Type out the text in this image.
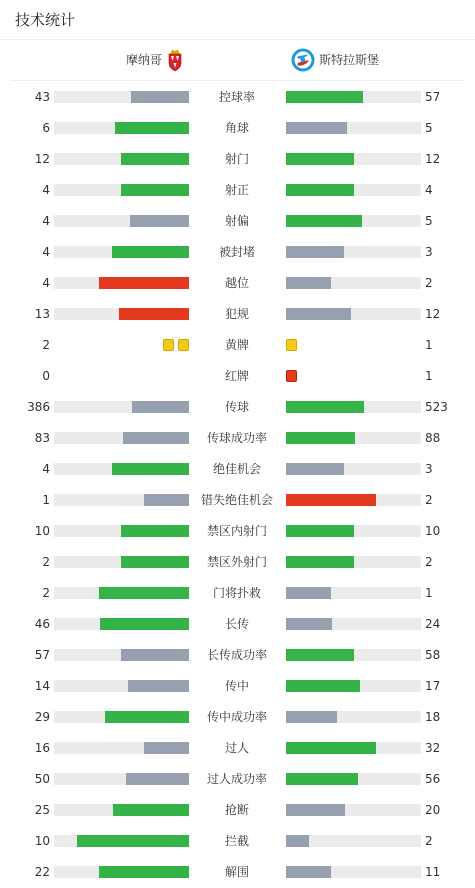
技术统计
摩纳哥	斯特拉斯堡
43	控球率	57
6	角球	5
12	射门	12
4	射正	4
4	射偏	5
4	被封堵	3
4	越位	2
13	犯规	12
2	黄牌	1
0	红牌	1
386	传球	523
83	传球成功率	88
4	绝佳机会	3
1	错失绝佳机会	2
10	禁区内射门	10
2	禁区外射门	2
2	门将扑救	1
46	长传	24
57	长传成功率	58
14	传中	17
29	传中成功率	18
16	过人	32
50	过人成功率	56
25	抢断	20
10	拦截	2
22	解围	11
